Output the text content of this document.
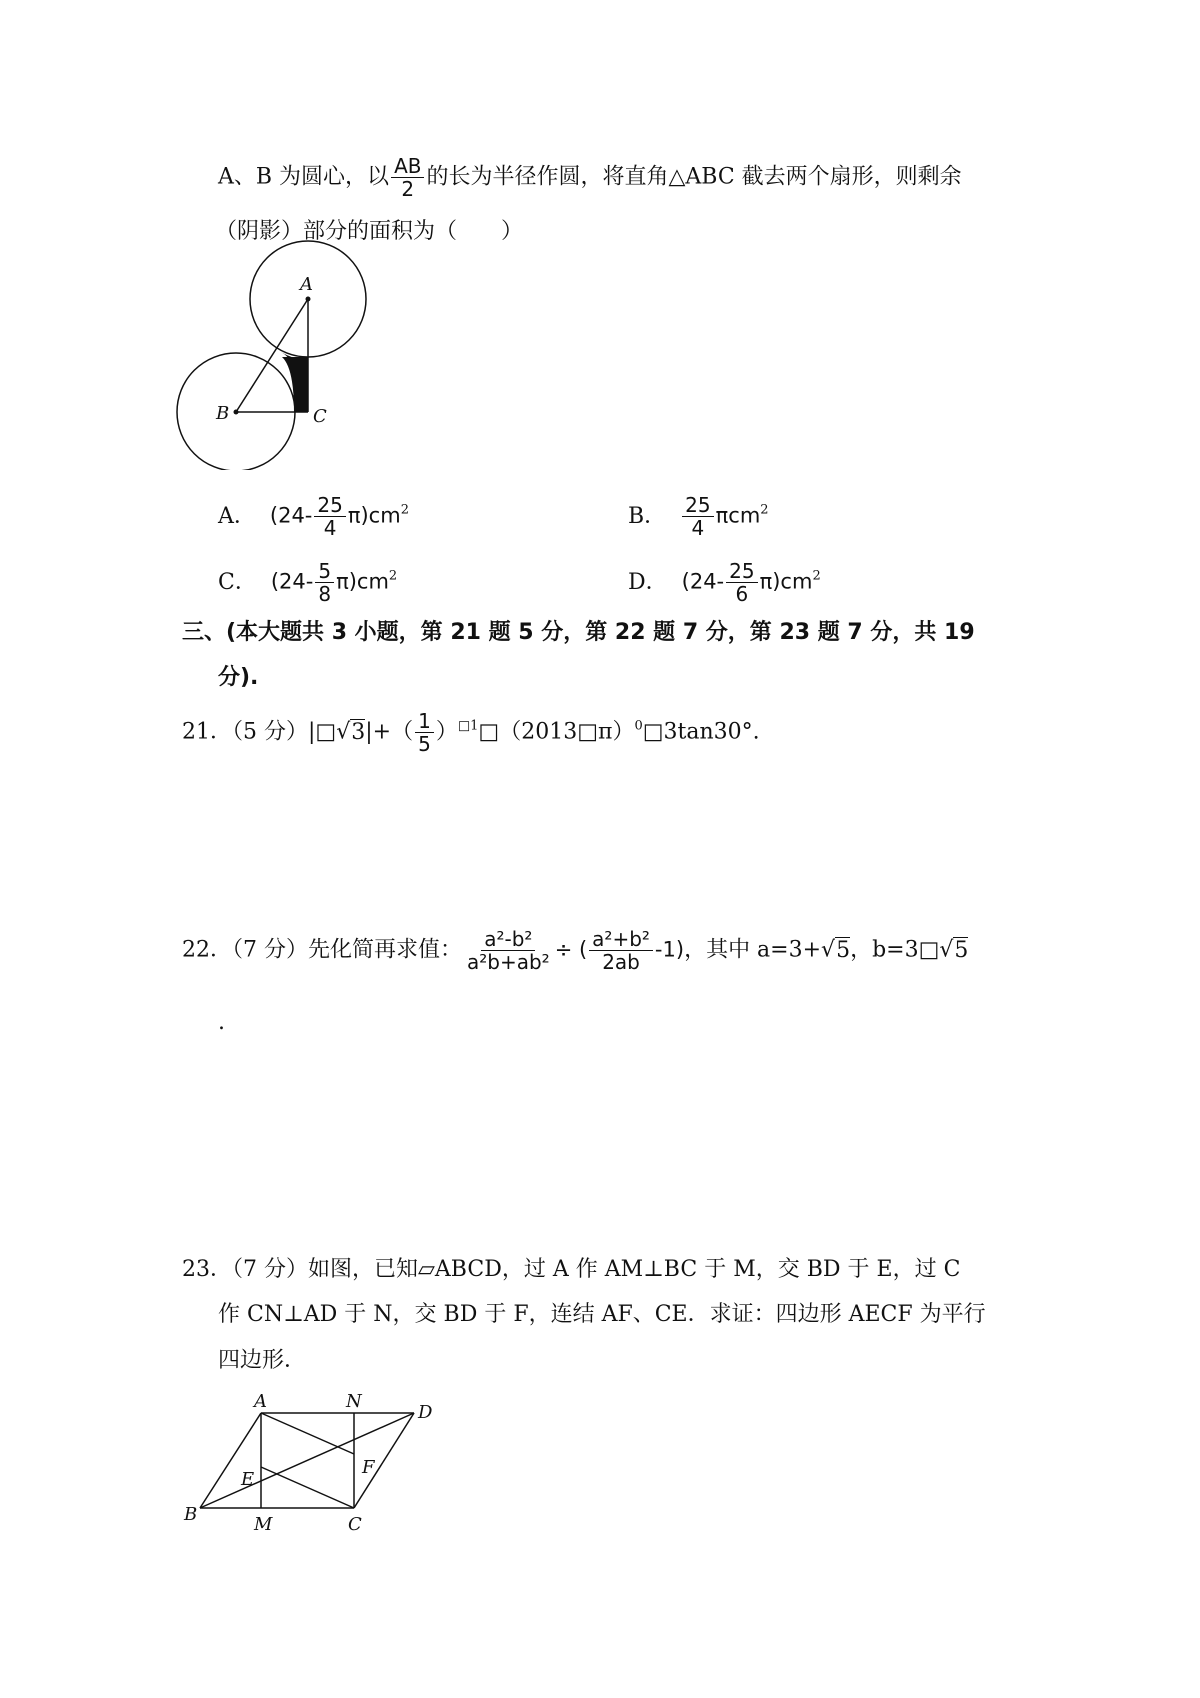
A、B 为圆心，以 $\frac{AB}{2}$ 的长为半径作圆，将直角△ABC 截去两个扇形，则剩余
（阴影）部分的面积为（　　）
A
B	C
A． $(24- \frac{25}{4} \pi)cm^2$	B． $\frac{25}{4} \pi cm^2$
C． $(24- \frac{5}{8} \pi)cm^2$	D． $(24- \frac{25}{6} \pi)cm^2$
三、(本大题共 3 小题，第 21 题 5 分，第 22 题 7 分，第 23 题 7 分，共 19
分).
21．（5 分）|□√3|+（ $\frac{1}{5}$ ）$^{□1}$□（2013□π）$^0$□3tan30°.
22．（7 分）先化简再求值： $\frac{\text{a²-b²}}{\text{a²b+ab²}}$ ÷ ( $\frac{\text{a²+b²}}{2ab} -1$)，其中 a=3+√5，b=3□√5
.
23．（7 分）如图，已知▱ABCD，过 A 作 AM⊥BC 于 M，交 BD 于 E，过 C
作 CN⊥AD 于 N，交 BD 于 F，连结 AF、CE．求证：四边形 AECF 为平行
四边形．
A	N
D
F
E
B	M	C
